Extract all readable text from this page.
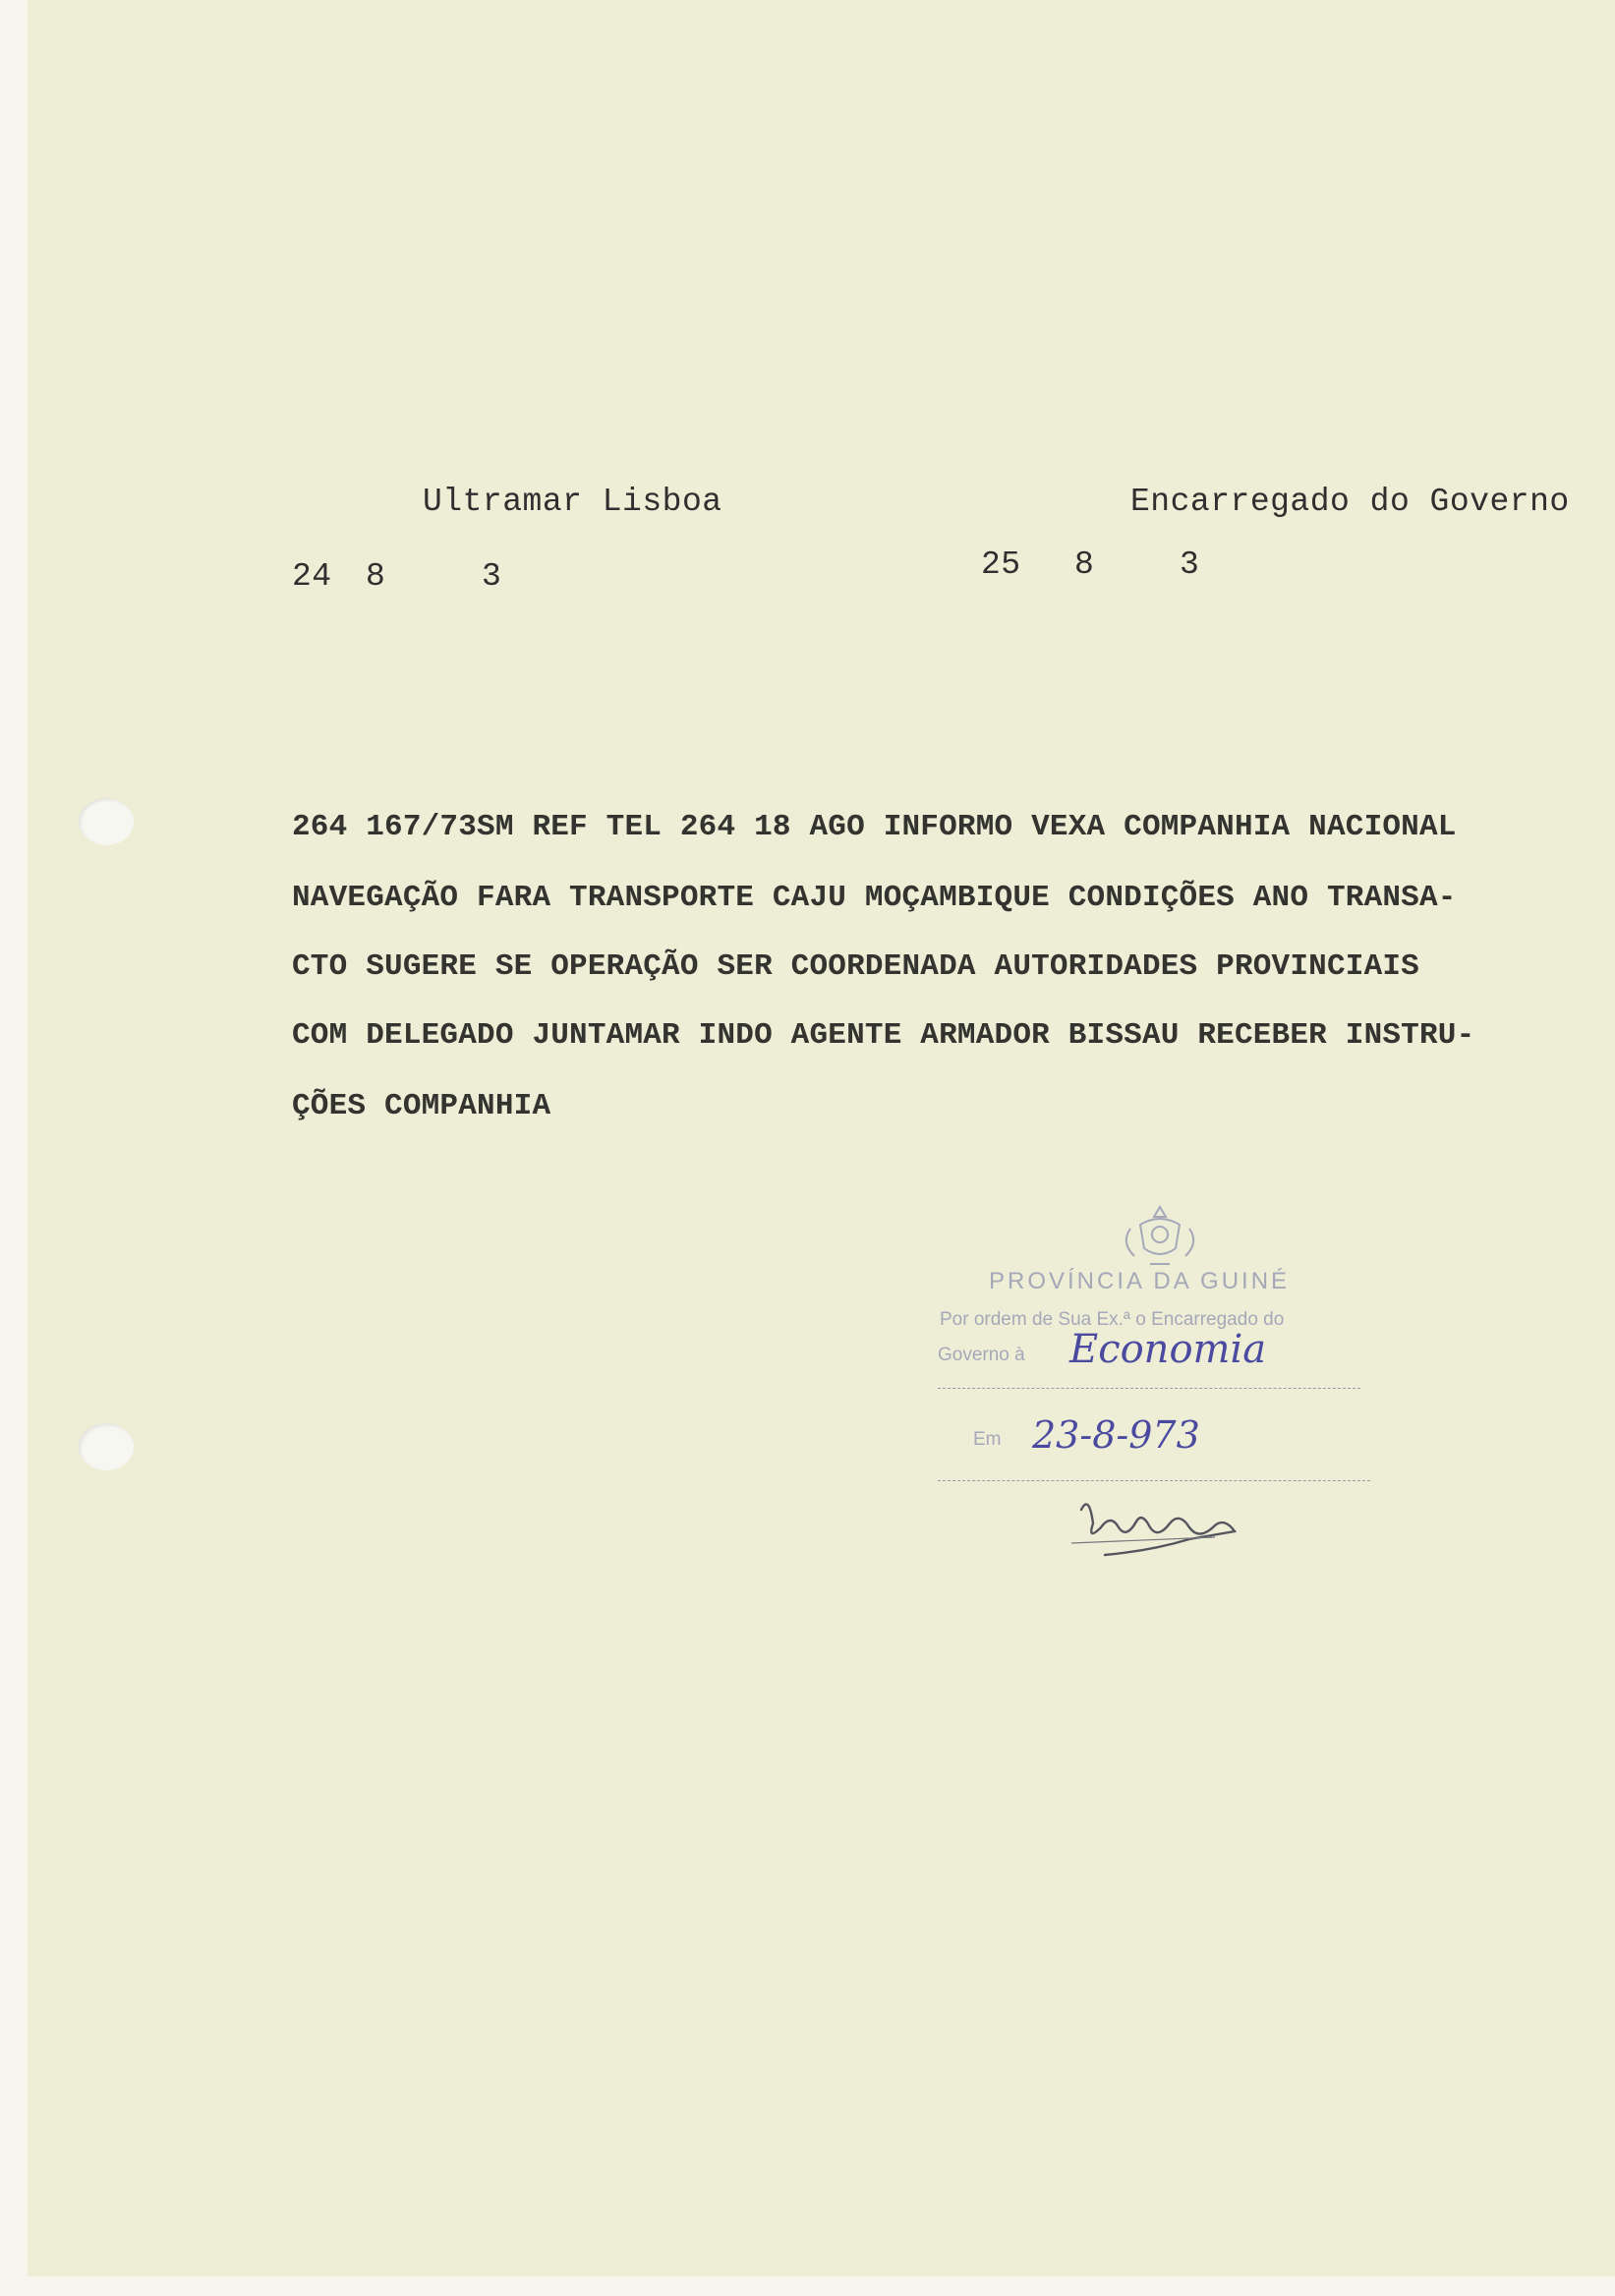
Ultramar Lisboa	Encarregado do Governo
24 8	3	25 8	3
264 167/73SM REF TEL 264 18 AGO INFORMO VEXA COMPANHIA NACIONAL
NAVEGAÇÃO FARA TRANSPORTE CAJU MOÇAMBIQUE CONDIÇÕES ANO TRANSA-
CTO SUGERE SE OPERAÇÃO SER COORDENADA AUTORIDADES PROVINCIAIS
COM DELEGADO JUNTAMAR INDO AGENTE ARMADOR BISSAU RECEBER INSTRU-
ÇÕES COMPANHIA
PROVÍNCIA DA GUINÉ
Por ordem de Sua Ex.ª o Encarregado do
Governo à Economia
Em 23-8-973
